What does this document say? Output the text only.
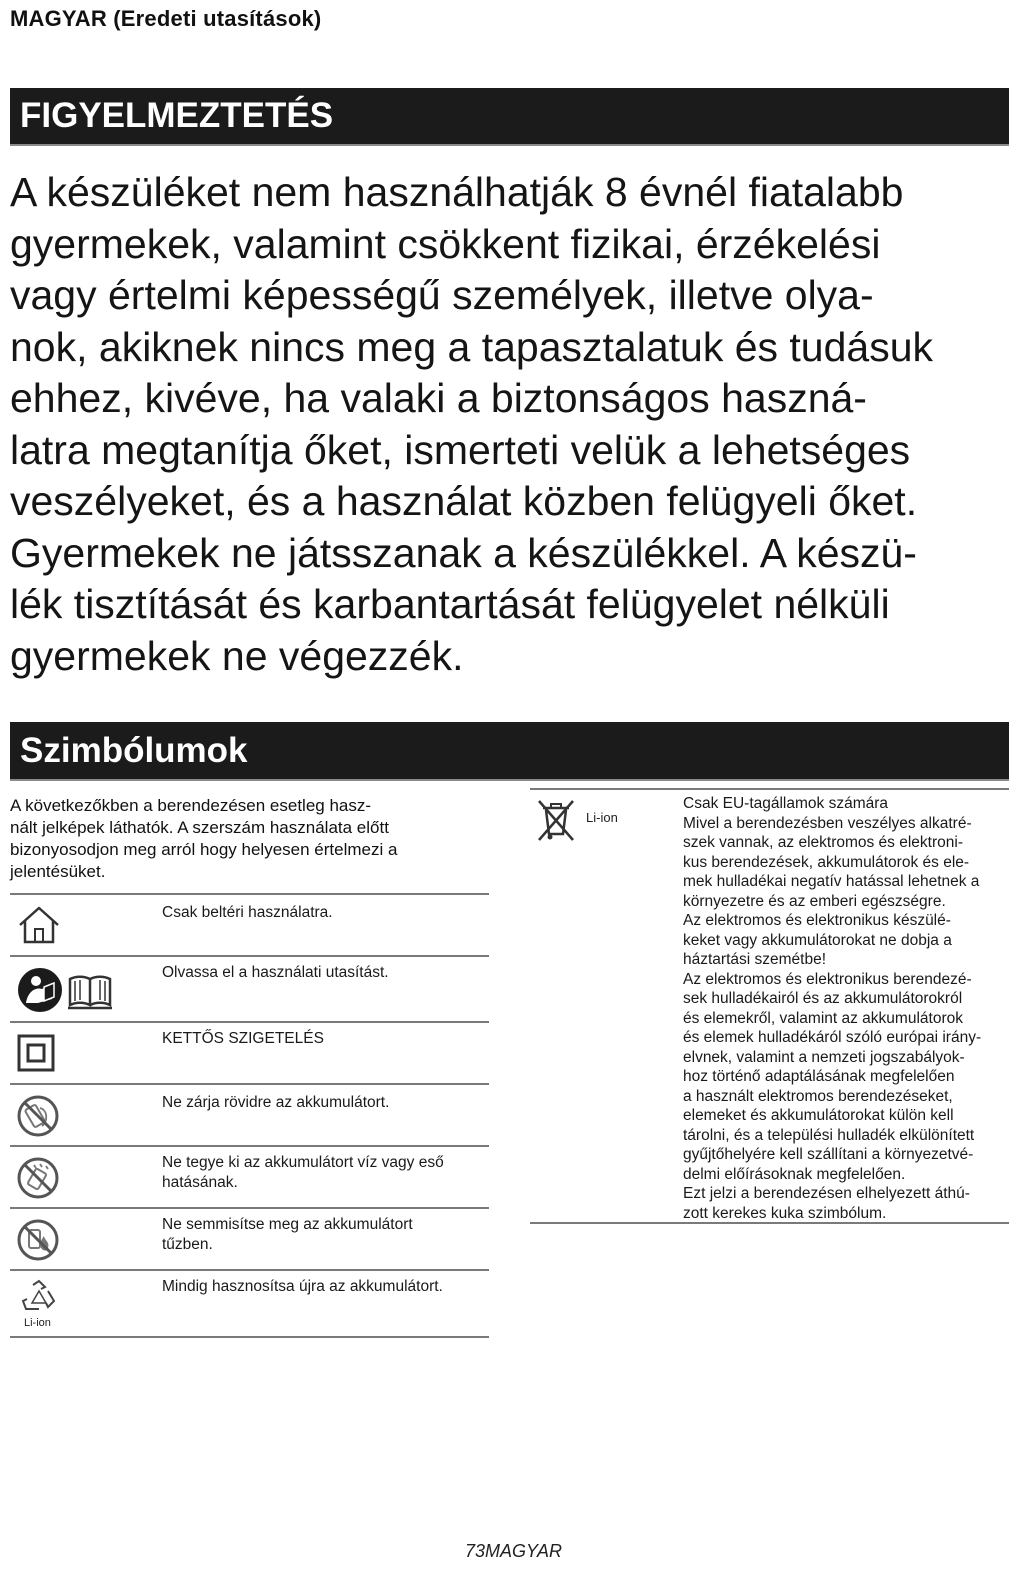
MAGYAR (Eredeti utasítások)
FIGYELMEZTETÉS
A készüléket nem használhatják 8 évnél fiatalabb
gyermekek, valamint csökkent fizikai, érzékelési
vagy értelmi képességű személyek, illetve olya-
nok, akiknek nincs meg a tapasztalatuk és tudásuk
ehhez, kivéve, ha valaki a biztonságos haszná-
latra megtanítja őket, ismerteti velük a lehetséges
veszélyeket, és a használat közben felügyeli őket.
Gyermekek ne játsszanak a készülékkel. A készü-
lék tisztítását és karbantartását felügyelet nélküli
gyermekek ne végezzék.
Szimbólumok
A következőkben a berendezésen esetleg hasz-
nált jelképek láthatók. A szerszám használata előtt
bizonyosodjon meg arról hogy helyesen értelmezi a
jelentésüket.
Csak beltéri használatra.
Olvassa el a használati utasítást.
KETTŐS SZIGETELÉS
Ne zárja rövidre az akkumulátort.
Ne tegye ki az akkumulátort víz vagy eső
hatásának.
Ne semmisítse meg az akkumulátort
tűzben.
Li-ion
Mindig hasznosítsa újra az akkumulátort.
Li-ion
Csak EU-tagállamok számára
Mivel a berendezésben veszélyes alkatré-
szek vannak, az elektromos és elektroni-
kus berendezések, akkumulátorok és ele-
mek hulladékai negatív hatással lehetnek a
környezetre és az emberi egészségre.
Az elektromos és elektronikus készülé-
keket vagy akkumulátorokat ne dobja a
háztartási szemétbe!
Az elektromos és elektronikus berendezé-
sek hulladékairól és az akkumulátorokról
és elemekről, valamint az akkumulátorok
és elemek hulladékáról szóló európai irány-
elvnek, valamint a nemzeti jogszabályok-
hoz történő adaptálásának megfelelően
a használt elektromos berendezéseket,
elemeket és akkumulátorokat külön kell
tárolni, és a települési hulladék elkülönített
gyűjtőhelyére kell szállítani a környezetvé-
delmi előírásoknak megfelelően.
Ezt jelzi a berendezésen elhelyezett áthú-
zott kerekes kuka szimbólum.
73MAGYAR
